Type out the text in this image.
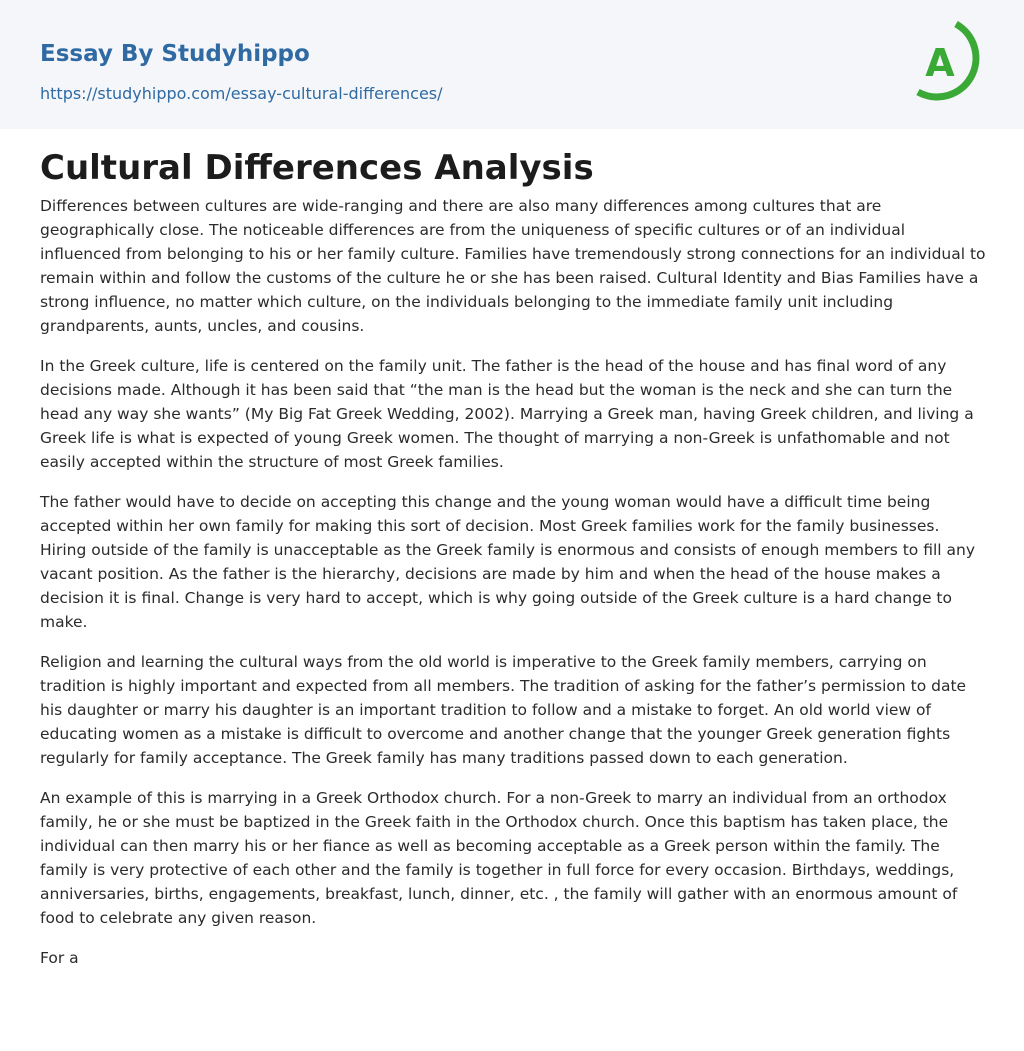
Essay By Studyhippo
https://studyhippo.com/essay-cultural-differences/
A
Cultural Differences Analysis

Differences between cultures are wide-ranging and there are also many differences among cultures that are geographically close. The noticeable differences are from the uniqueness of specific cultures or of an individual influenced from belonging to his or her family culture. Families have tremendously strong connections for an individual to remain within and follow the customs of the culture he or she has been raised. Cultural Identity and Bias Families have a strong influence, no matter which culture, on the individuals belonging to the immediate family unit including grandparents, aunts, uncles, and cousins.

In the Greek culture, life is centered on the family unit. The father is the head of the house and has final word of any decisions made. Although it has been said that “the man is the head but the woman is the neck and she can turn the head any way she wants” (My Big Fat Greek Wedding, 2002). Marrying a Greek man, having Greek children, and living a Greek life is what is expected of young Greek women. The thought of marrying a non-Greek is unfathomable and not easily accepted within the structure of most Greek families.

The father would have to decide on accepting this change and the young woman would have a difficult time being accepted within her own family for making this sort of decision. Most Greek families work for the family businesses. Hiring outside of the family is unacceptable as the Greek family is enormous and consists of enough members to fill any vacant position. As the father is the hierarchy, decisions are made by him and when the head of the house makes a decision it is final. Change is very hard to accept, which is why going outside of the Greek culture is a hard change to make.

Religion and learning the cultural ways from the old world is imperative to the Greek family members, carrying on tradition is highly important and expected from all members. The tradition of asking for the father’s permission to date his daughter or marry his daughter is an important tradition to follow and a mistake to forget. An old world view of educating women as a mistake is difficult to overcome and another change that the younger Greek generation fights regularly for family acceptance. The Greek family has many traditions passed down to each generation.

An example of this is marrying in a Greek Orthodox church. For a non-Greek to marry an individual from an orthodox family, he or she must be baptized in the Greek faith in the Orthodox church. Once this baptism has taken place, the individual can then marry his or her fiance as well as becoming acceptable as a Greek person within the family. The family is very protective of each other and the family is together in full force for every occasion. Birthdays, weddings, anniversaries, births, engagements, breakfast, lunch, dinner, etc. , the family will gather with an enormous amount of food to celebrate any given reason.

For a
